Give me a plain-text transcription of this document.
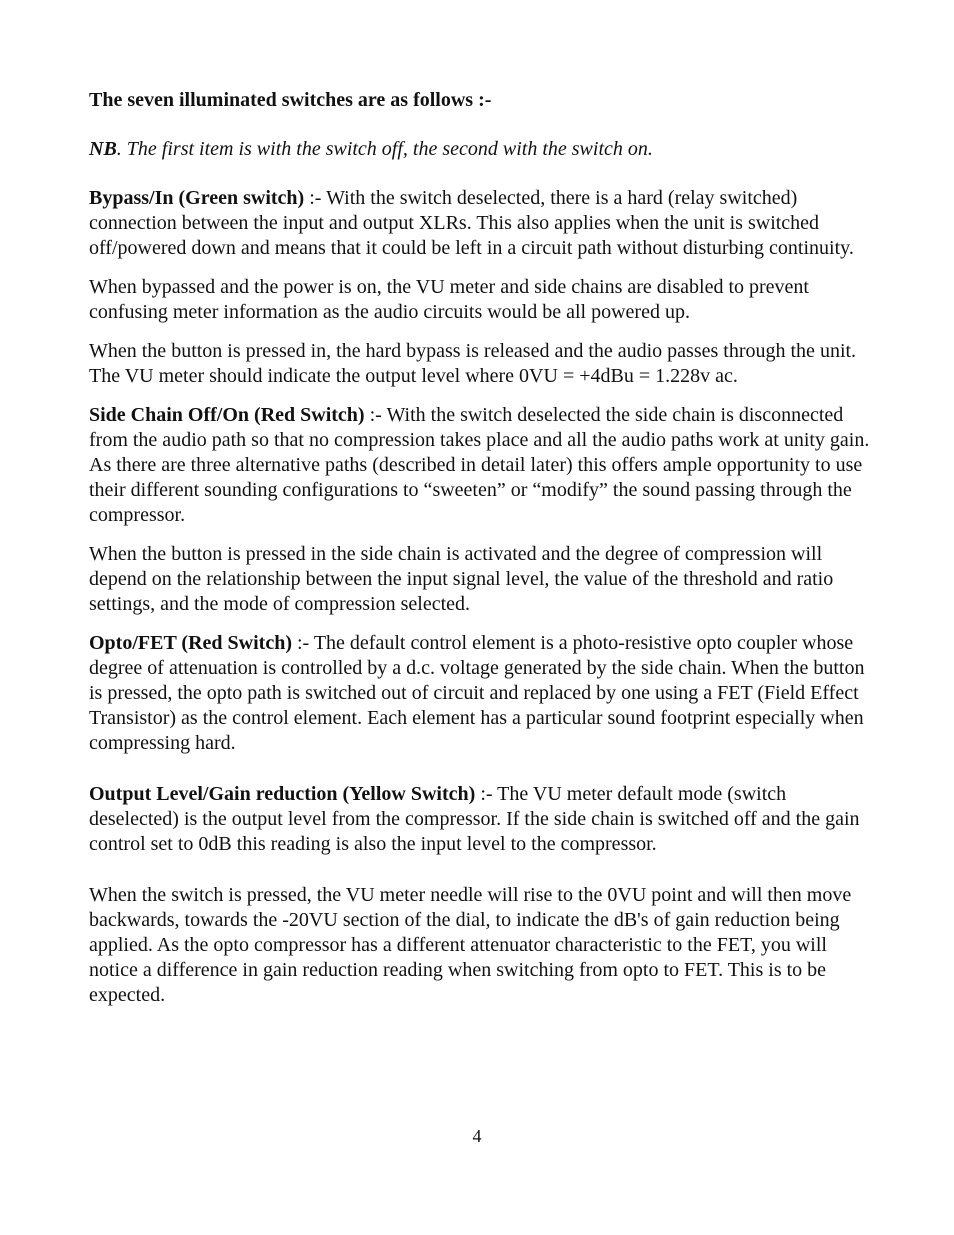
The seven illuminated switches are as follows :-
NB. The first item is with the switch off, the second with the switch on.

Bypass/In (Green switch) :- With the switch deselected, there is a hard (relay switched) connection between the input and output XLRs. This also applies when the unit is switched off/powered down and means that it could be left in a circuit path without disturbing continuity.

When bypassed and the power is on, the VU meter and side chains are disabled to prevent confusing meter information as the audio circuits would be all powered up.

When the button is pressed in, the hard bypass is released and the audio passes through the unit. The VU meter should indicate the output level where 0VU = +4dBu = 1.228v ac.

Side Chain Off/On (Red Switch) :- With the switch deselected the side chain is disconnected from the audio path so that no compression takes place and all the audio paths work at unity gain. As there are three alternative paths (described in detail later) this offers ample opportunity to use their different sounding configurations to “sweeten” or “modify” the sound passing through the compressor.

When the button is pressed in the side chain is activated and the degree of compression will depend on the relationship between the input signal level, the value of the threshold and ratio settings, and the mode of compression selected.

Opto/FET (Red Switch) :- The default control element is a photo-resistive opto coupler whose degree of attenuation is controlled by a d.c. voltage generated by the side chain. When the button is pressed, the opto path is switched out of circuit and replaced by one using a FET (Field Effect Transistor) as the control element. Each element has a particular sound footprint especially when compressing hard.

Output Level/Gain reduction (Yellow Switch) :- The VU meter default mode (switch deselected) is the output level from the compressor. If the side chain is switched off and the gain control set to 0dB this reading is also the input level to the compressor.

When the switch is pressed, the VU meter needle will rise to the 0VU point and will then move backwards, towards the -20VU section of the dial, to indicate the dB's of gain reduction being applied. As the opto compressor has a different attenuator characteristic to the FET, you will notice a difference in gain reduction reading when switching from opto to FET. This is to be expected.

4
